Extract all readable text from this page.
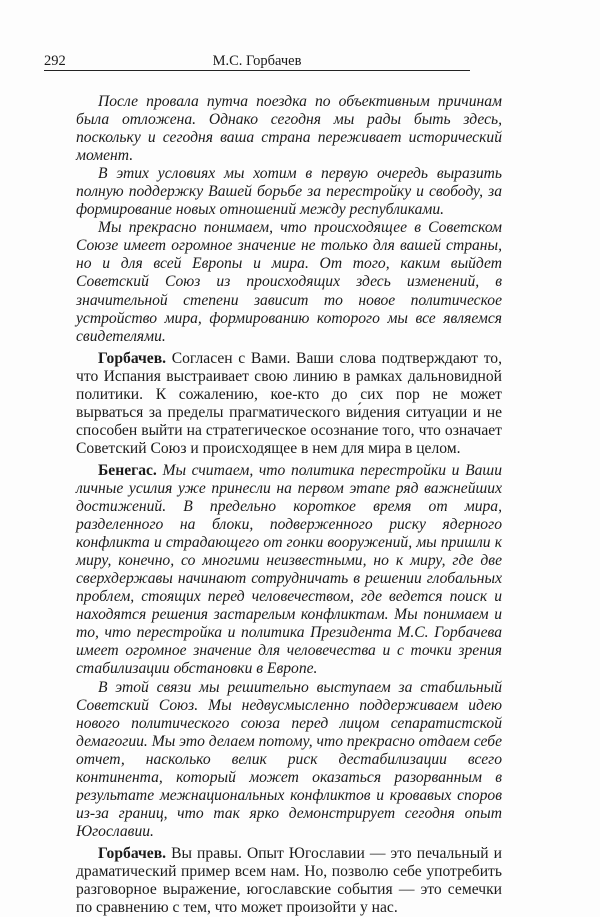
292	М.С. Горбачев

После провала путча поездка по объективным причинам была отложена. Однако сегодня мы рады быть здесь, поскольку и сегодня ваша страна переживает исторический момент.

В этих условиях мы хотим в первую очередь выразить полную поддержку Вашей борьбе за перестройку и свободу, за формирование новых отношений между республиками.

Мы прекрасно понимаем, что происходящее в Советском Союзе имеет огромное значение не только для вашей страны, но и для всей Европы и мира. От того, каким выйдет Советский Союз из происходящих здесь изменений, в значительной степени зависит то новое политическое устройство мира, формированию которого мы все являемся свидетелями.

Горбачев. Согласен с Вами. Ваши слова подтверждают то, что Испания выстраивает свою линию в рамках дальновидной политики. К сожалению, кое-кто до сих пор не может вырваться за пределы прагматического ви́дения ситуации и не способен выйти на стратегическое осознание того, что означает Советский Союз и происходящее в нем для мира в целом.

Бенегас. Мы считаем, что политика перестройки и Ваши личные усилия уже принесли на первом этапе ряд важнейших достижений. В предельно короткое время от мира, разделенного на блоки, подверженного риску ядерного конфликта и страдающего от гонки вооружений, мы пришли к миру, конечно, со многими неизвестными, но к миру, где две сверхдержавы начинают сотрудничать в решении глобальных проблем, стоящих перед человечеством, где ведется поиск и находятся решения застарелым конфликтам. Мы понимаем и то, что перестройка и политика Президента М.С. Горбачева имеет огромное значение для человечества и с точки зрения стабилизации обстановки в Европе.

В этой связи мы решительно выступаем за стабильный Советский Союз. Мы недвусмысленно поддерживаем идею нового политического союза перед лицом сепаратистской демагогии. Мы это делаем потому, что прекрасно отдаем себе отчет, насколько велик риск дестабилизации всего континента, который может оказаться разорванным в результате межнациональных конфликтов и кровавых споров из-за границ, что так ярко демонстрирует сегодня опыт Югославии.

Горбачев. Вы правы. Опыт Югославии — это печальный и драматический пример всем нам. Но, позволю себе употребить разговорное выражение, югославские события — это семечки по сравнению с тем, что может произойти у нас.
